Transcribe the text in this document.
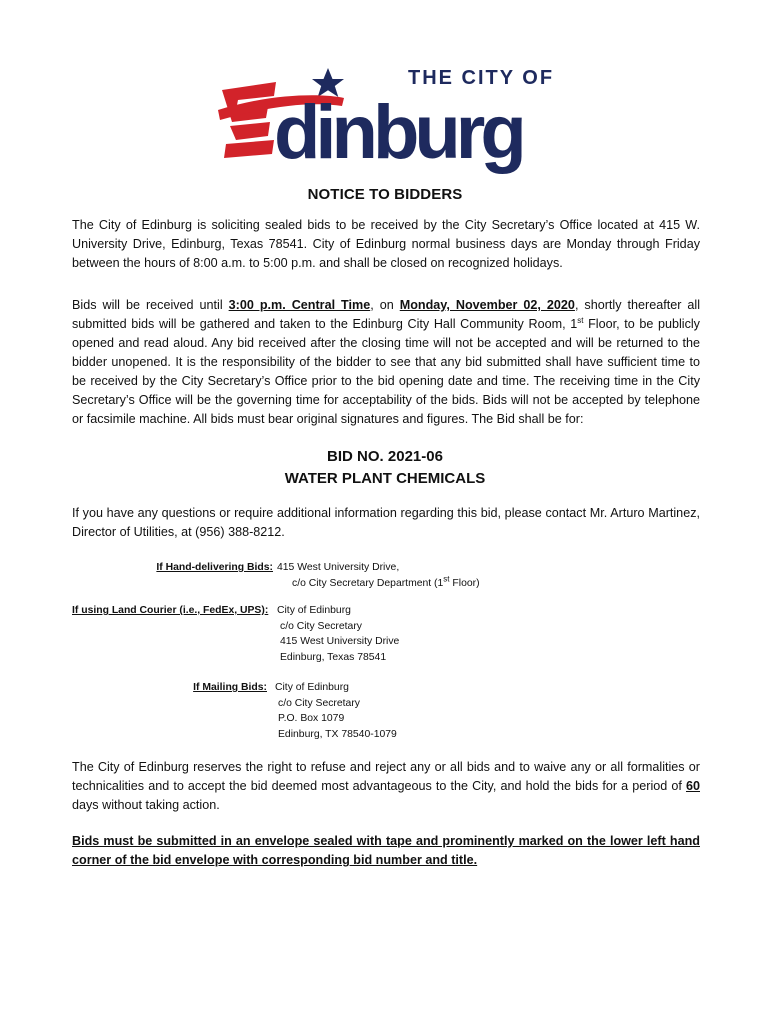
THE CITY OF
dinburg
NOTICE TO BIDDERS
The City of Edinburg is soliciting sealed bids to be received by the City Secretary’s Office located at 415 W. University Drive, Edinburg, Texas 78541. City of Edinburg normal business days are Monday through Friday between the hours of 8:00 a.m. to 5:00 p.m. and shall be closed on recognized holidays.
Bids will be received until 3:00 p.m. Central Time, on Monday, November 02, 2020, shortly thereafter all submitted bids will be gathered and taken to the Edinburg City Hall Community Room, 1st Floor, to be publicly opened and read aloud. Any bid received after the closing time will not be accepted and will be returned to the bidder unopened. It is the responsibility of the bidder to see that any bid submitted shall have sufficient time to be received by the City Secretary’s Office prior to the bid opening date and time. The receiving time in the City Secretary’s Office will be the governing time for acceptability of the bids. Bids will not be accepted by telephone or facsimile machine. All bids must bear original signatures and figures. The Bid shall be for:
BID NO. 2021-06
WATER PLANT CHEMICALS
If you have any questions or require additional information regarding this bid, please contact Mr. Arturo Martinez, Director of Utilities, at (956) 388-8212.
If Hand-delivering Bids: 415 West University Drive,
c/o City Secretary Department (1st Floor)
If using Land Courier (i.e., FedEx, UPS): City of Edinburg
c/o City Secretary
415 West University Drive
Edinburg, Texas 78541
If Mailing Bids: City of Edinburg
c/o City Secretary
P.O. Box 1079
Edinburg, TX 78540-1079
The City of Edinburg reserves the right to refuse and reject any or all bids and to waive any or all formalities or technicalities and to accept the bid deemed most advantageous to the City, and hold the bids for a period of 60 days without taking action.
Bids must be submitted in an envelope sealed with tape and prominently marked on the lower left hand corner of the bid envelope with corresponding bid number and title.
